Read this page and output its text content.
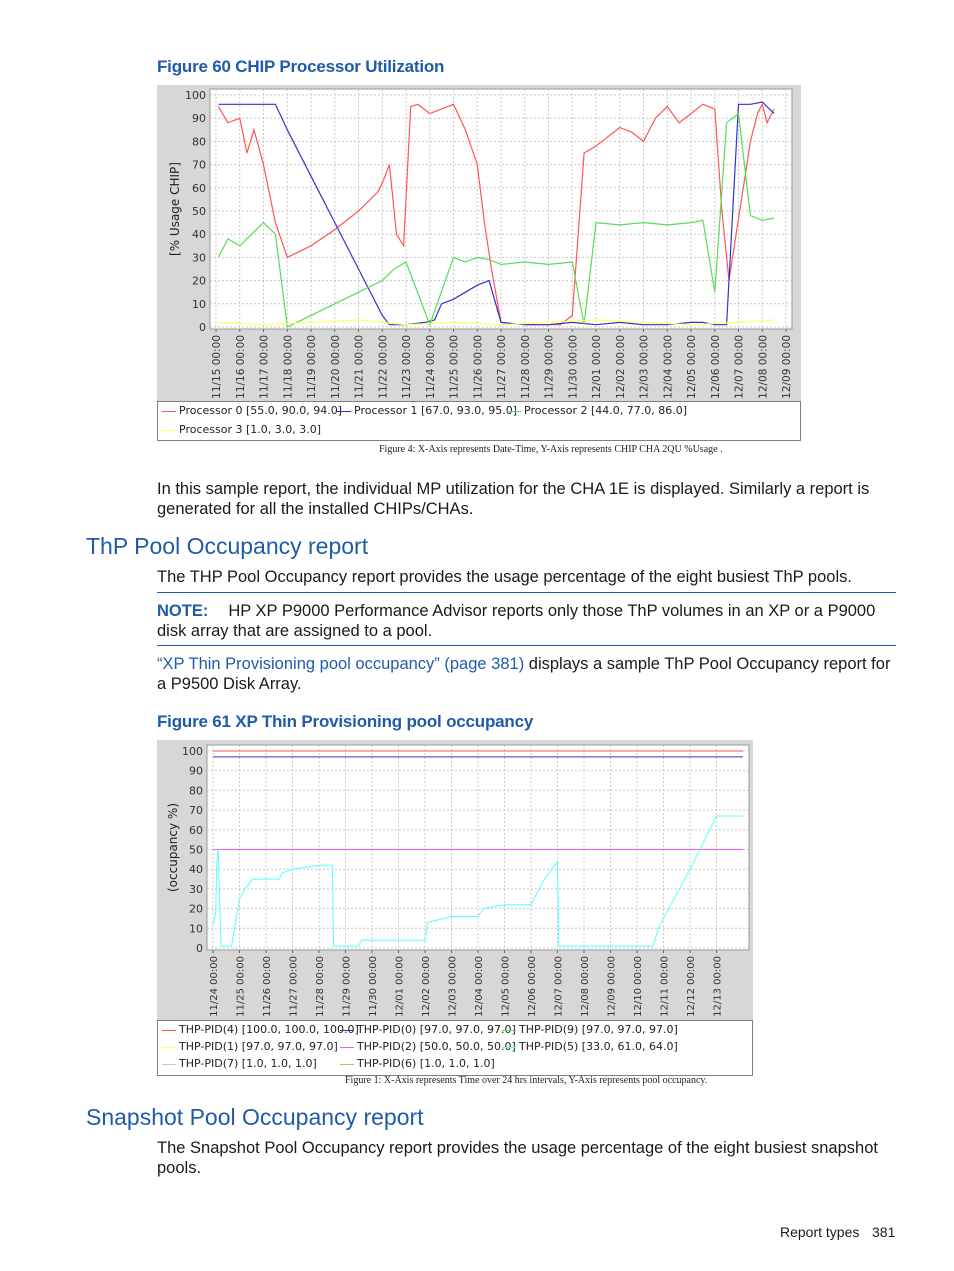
Figure 60 CHIP Processor Utilization
0
10
20
30
40
50
60
70
80
90
100
11/15 00:00 11/16 00:00 11/17 00:00 11/18 00:00 11/19 00:00 11/20 00:00 11/21 00:00 11/22 00:00 11/23 00:00 11/24 00:00 11/25 00:00 11/26 00:00 11/27 00:00 11/28 00:00 11/29 00:00 11/30 00:00 12/01 00:00 12/02 00:00 12/03 00:00 12/04 00:00 12/05 00:00 12/06 00:00 12/07 00:00 12/08 00:00 12/09 00:00
[% Usage CHIP]
Processor 0 [55.0, 90.0, 94.0]	Processor 1 [67.0, 93.0, 95.0] Processor 2 [44.0, 77.0, 86.0]
Processor 3 [1.0, 3.0, 3.0]
Figure 4: X-Axis represents Date-Time, Y-Axis represents CHIP CHA 2QU %Usage .
In this sample report, the individual MP utilization for the CHA 1E is displayed. Similarly a report is generated for all the installed CHIPs/CHAs.
ThP Pool Occupancy report
The THP Pool Occupancy report provides the usage percentage of the eight busiest ThP pools.
NOTE: HP XP P9000 Performance Advisor reports only those ThP volumes in an XP or a P9000 disk array that are assigned to a pool.
“XP Thin Provisioning pool occupancy” (page 381) displays a sample ThP Pool Occupancy report for a P9500 Disk Array.
Figure 61 XP Thin Provisioning pool occupancy
0
10
20
30
40
50
60
70
80
90
100
11/24 00:00 11/25 00:00 11/26 00:00 11/27 00:00 11/28 00:00 11/29 00:00 11/30 00:00 12/01 00:00 12/02 00:00 12/03 00:00 12/04 00:00 12/05 00:00 12/06 00:00 12/07 00:00 12/08 00:00 12/09 00:00 12/10 00:00 12/11 00:00 12/12 00:00 12/13 00:00
(occupancy %)
THP-PID(4) [100.0, 100.0, 100.0]
THP-PID(0) [97.0, 97.0, 97.0] THP-PID(9) [97.0, 97.0, 97.0]
THP-PID(1) [97.0, 97.0, 97.0]	THP-PID(2) [50.0, 50.0, 50.0] THP-PID(5) [33.0, 61.0, 64.0]
THP-PID(7) [1.0, 1.0, 1.0]	THP-PID(6) [1.0, 1.0, 1.0]
Figure 1: X-Axis represents Time over 24 hrs intervals, Y-Axis represents pool occupancy.
Snapshot Pool Occupancy report
The Snapshot Pool Occupancy report provides the usage percentage of the eight busiest snapshot pools.
Report types 381
